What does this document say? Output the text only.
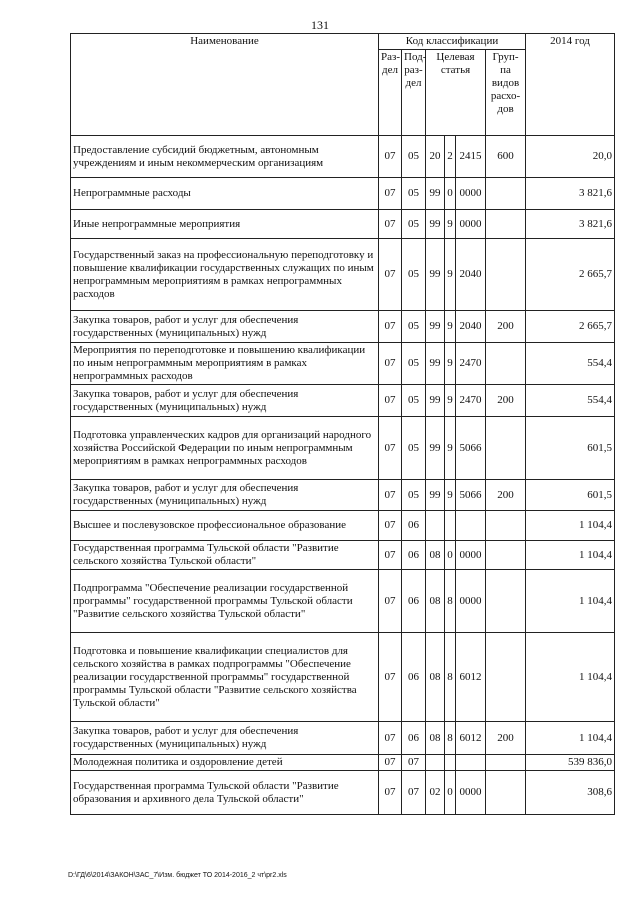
131
Наименование	Код классификации						2014 год
	Раз-дел	Под-раз-дел	Целевая статья			Груп-па видов расхо-дов	
Предоставление субсидий бюджетным, автономным учреждениям и иным некоммерческим организациям	07	05	20	2	2415	600	20,0
Непрограммные расходы	07	05	99	0	0000		3 821,6
Иные непрограммные мероприятия	07	05	99	9	0000		3 821,6
Государственный заказ на профессиональную переподготовку и повышение квалификации государственных служащих по иным непрограммным мероприятиям в рамках непрограммных расходов	07	05	99	9	2040		2 665,7
Закупка товаров, работ и услуг для обеспечения государственных (муниципальных) нужд	07	05	99	9	2040	200	2 665,7
Мероприятия по переподготовке и повышению квалификации по иным непрограммным мероприятиям в рамках непрограммных расходов	07	05	99	9	2470		554,4
Закупка товаров, работ и услуг для обеспечения государственных (муниципальных) нужд	07	05	99	9	2470	200	554,4
Подготовка управленческих кадров для организаций народного хозяйства Российской Федерации по иным непрограммным мероприятиям в рамках непрограммных расходов	07	05	99	9	5066		601,5
Закупка товаров, работ и услуг для обеспечения государственных (муниципальных) нужд	07	05	99	9	5066	200	601,5
Высшее и послевузовское профессиональное образование	07	06					1 104,4
Государственная программа Тульской области "Развитие сельского хозяйства Тульской области"	07	06	08	0	0000		1 104,4
Подпрограмма "Обеспечение реализации государственной программы" государственной программы Тульской области "Развитие сельского хозяйства Тульской области"	07	06	08	8	0000		1 104,4
Подготовка и повышение квалификации специалистов для сельского хозяйства в рамках подпрограммы "Обеспечение реализации государственной программы" государственной программы Тульской области "Развитие сельского хозяйства Тульской области"	07	06	08	8	6012		1 104,4
Закупка товаров, работ и услуг для обеспечения государственных (муниципальных) нужд	07	06	08	8	6012	200	1 104,4
Молодежная политика и оздоровление детей	07	07					539 836,0
Государственная программа Тульской области "Развитие образования и архивного дела Тульской области"	07	07	02	0	0000		308,6
D:\ГД\6\2014\ЗАКОН\ЗАС_7\Изм. бюджет ТО 2014-2016_2 чт\pr2.xls
